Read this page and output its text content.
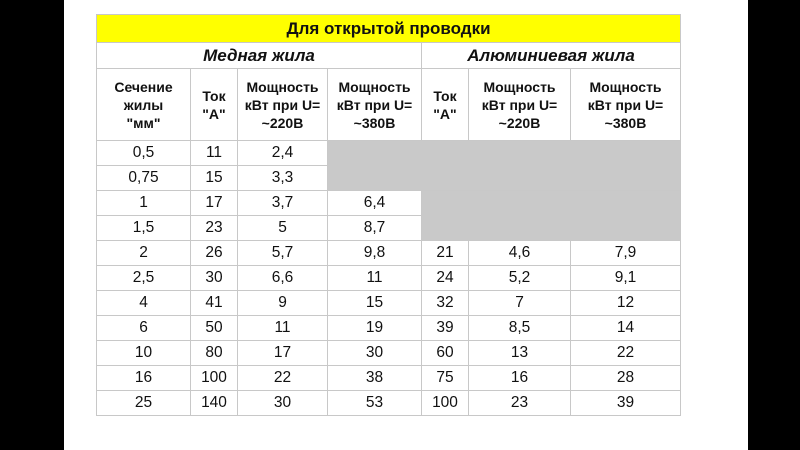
Для открытой проводки						
Медная жила				Алюминиевая жила		

Сечение
жилы
"мм"	Ток
"А"	Мощность
кВт при U=
~220В	Мощность
кВт при U=
~380В	Ток
"А"	Мощность
кВт при U=
~220В	Мощность
кВт при U=
~380В

0,5	11	2,4				
0,75	15	3,3				
1	17	3,7	6,4			
1,5	23	5	8,7			
2	26	5,7	9,8	21	4,6	7,9
2,5	30	6,6	11	24	5,2	9,1
4	41	9	15	32	7	12
6	50	11	19	39	8,5	14
10	80	17	30	60	13	22
16	100	22	38	75	16	28
25	140	30	53	100	23	39
